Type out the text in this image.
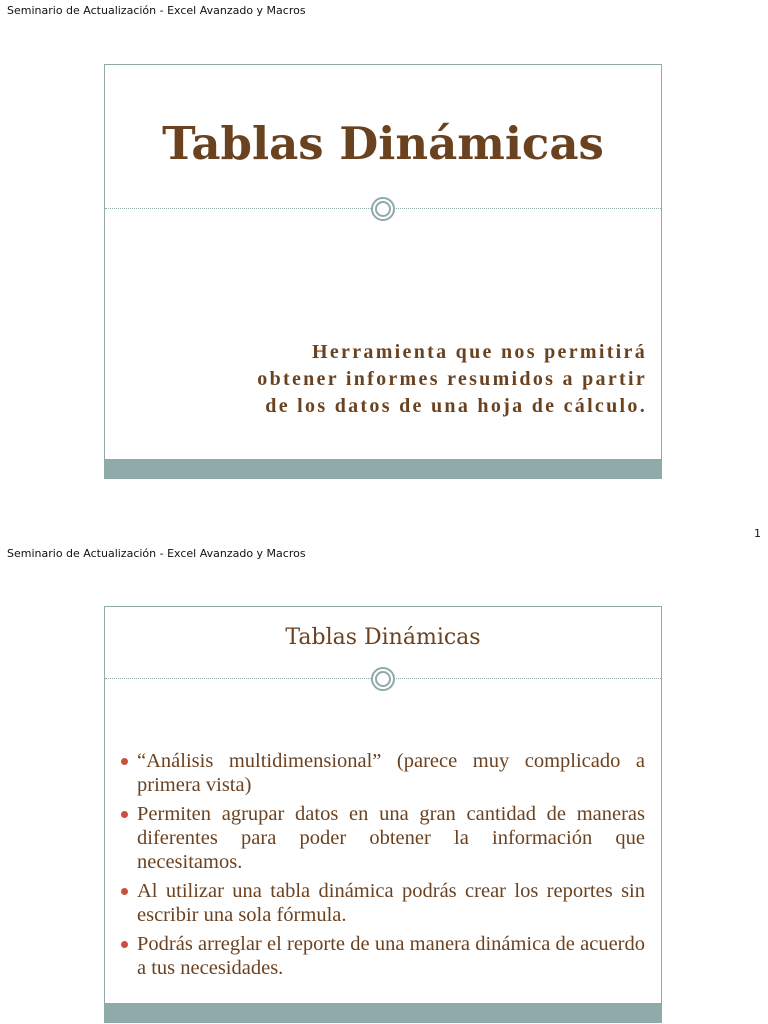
Seminario de Actualización - Excel Avanzado y Macros
Tablas Dinámicas
Herramienta que nos permitirá
obtener informes resumidos a partir
de los datos de una hoja de cálculo.
1
Seminario de Actualización - Excel Avanzado y Macros
Tablas Dinámicas
“Análisis multidimensional” (parece muy complicado a primera vista)
Permiten agrupar datos en una gran cantidad de maneras diferentes para poder obtener la información que necesitamos.
Al utilizar una tabla dinámica podrás crear los reportes sin escribir una sola fórmula.
Podrás arreglar el reporte de una manera dinámica de acuerdo a tus necesidades.
